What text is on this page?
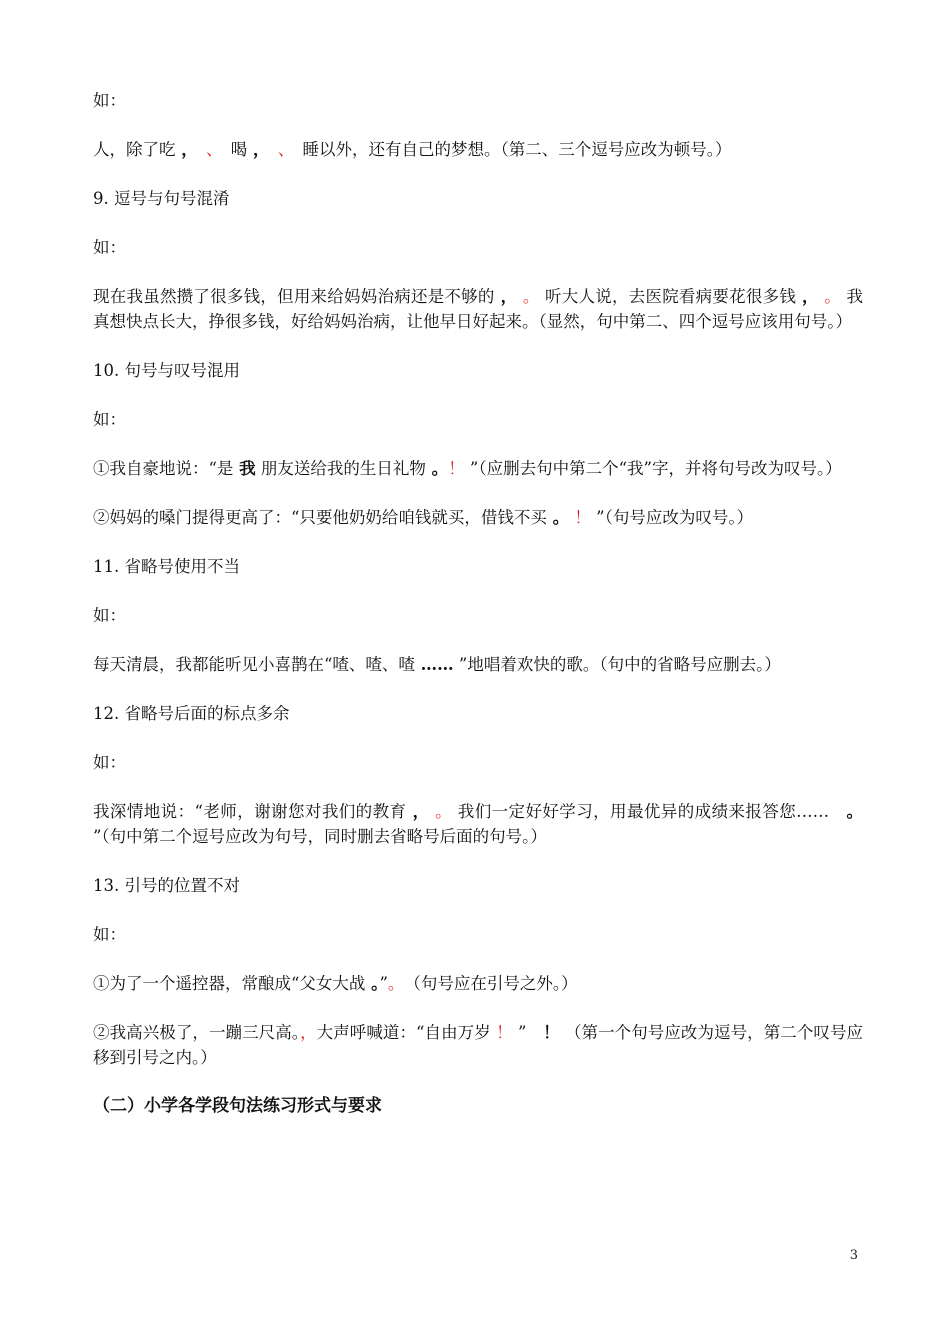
如：

人，除了吃 ，　、　喝 ，　、　睡以外，还有自己的梦想。（第二、三个逗号应改为顿号。）

9. 逗号与句号混淆

如：

现在我虽然攒了很多钱，但用来给妈妈治病还是不够的 ， 。 听大人说，去医院看病要花很多钱 ， 。 我真想快点长大，挣很多钱，好给妈妈治病，让他早日好起来。（显然，句中第二、四个逗号应该用句号。）

10. 句号与叹号混用

如：

①我自豪地说：“是 我 朋友送给我的生日礼物 。！ ”（应删去句中第二个“我”字，并将句号改为叹号。）

②妈妈的嗓门提得更高了：“只要他奶奶给咱钱就买，借钱不买 。 ！ ”（句号应改为叹号。）

11. 省略号使用不当

如：

每天清晨，我都能听见小喜鹊在“喳、喳、喳 …… ”地唱着欢快的歌。（句中的省略号应删去。）

12. 省略号后面的标点多余

如：

我深情地说：“老师，谢谢您对我们的教育 ， 。 我们一定好好学习，用最优异的成绩来报答您……　。 ”（句中第二个逗号应改为句号，同时删去省略号后面的句号。）

13. 引号的位置不对

如：

①为了一个遥控器，常酿成“父女大战 。”。　（句号应在引号之外。）

②我高兴极了，一蹦三尺高。，大声呼喊道：“自由万岁 ！ ”　！ （第一个句号应改为逗号，第二个叹号应移到引号之内。）

（二）小学各学段句法练习形式与要求

3
